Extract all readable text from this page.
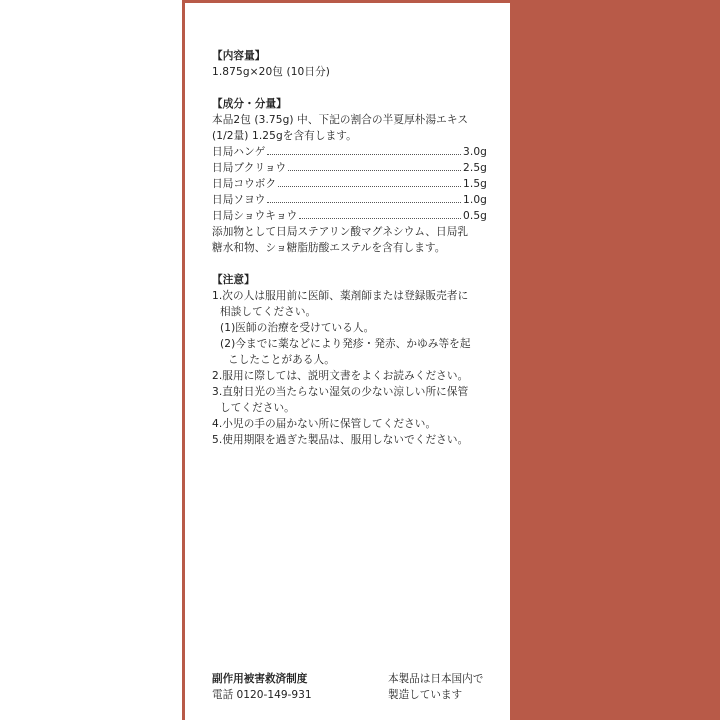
【内容量】

1.875g×20包 (10日分)

【成分・分量】

本品2包 (3.75g) 中、下記の割合の半夏厚朴湯エキス

(1/2量) 1.25gを含有します。

日局ハンゲ	3.0g
日局ブクリョウ	2.5g
日局コウボク	1.5g
日局ソヨウ	1.0g
日局ショウキョウ	0.5g

添加物として日局ステアリン酸マグネシウム、日局乳

糖水和物、ショ糖脂肪酸エステルを含有します。

【注意】

1.次の人は服用前に医師、薬剤師または登録販売者に

相談してください。

(1)医師の治療を受けている人。

(2)今までに薬などにより発疹・発赤、かゆみ等を起

こしたことがある人。

2.服用に際しては、説明文書をよくお読みください。

3.直射日光の当たらない湿気の少ない涼しい所に保管

してください。

4.小児の手の届かない所に保管してください。

5.使用期限を過ぎた製品は、服用しないでください。

副作用被害救済制度
電話 0120-149-931
本製品は日本国内で
製造しています
